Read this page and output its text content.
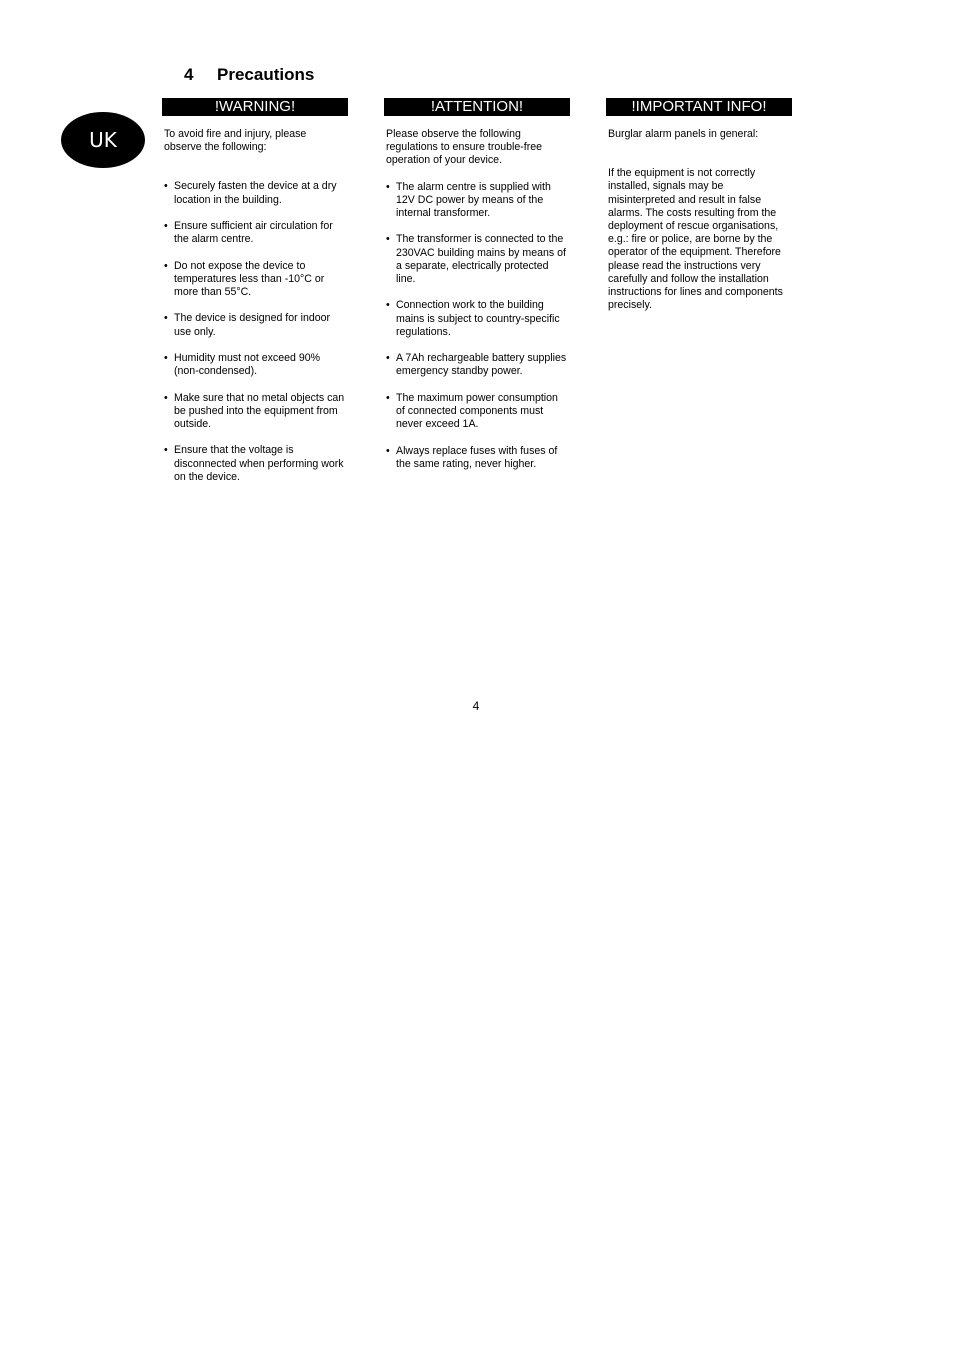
4 Precautions
UK
!WARNING!

To avoid fire and injury, please observe the following:

• Securely fasten the device at a dry location in the building.
• Ensure sufficient air circulation for the alarm centre.
• Do not expose the device to temperatures less than -10°C or more than 55°C.
• The device is designed for indoor use only.
• Humidity must not exceed 90% (non-condensed).
• Make sure that no metal objects can be pushed into the equipment from outside.
• Ensure that the voltage is disconnected when performing work on the device.
!ATTENTION!

Please observe the following regulations to ensure trouble-free operation of your device.

• The alarm centre is supplied with 12V DC power by means of the internal transformer.
• The transformer is connected to the 230VAC building mains by means of a separate, electrically protected line.
• Connection work to the building mains is subject to country-specific regulations.
• A 7Ah rechargeable battery supplies emergency standby power.
• The maximum power consumption of connected components must never exceed 1A.
• Always replace fuses with fuses of the same rating, never higher.
!IMPORTANT INFO!

Burglar alarm panels in general:

If the equipment is not correctly installed, signals may be misinterpreted and result in false alarms. The costs resulting from the deployment of rescue organisations, e.g.: fire or police, are borne by the operator of the equipment. Therefore please read the instructions very carefully and follow the installation instructions for lines and components precisely.

4
